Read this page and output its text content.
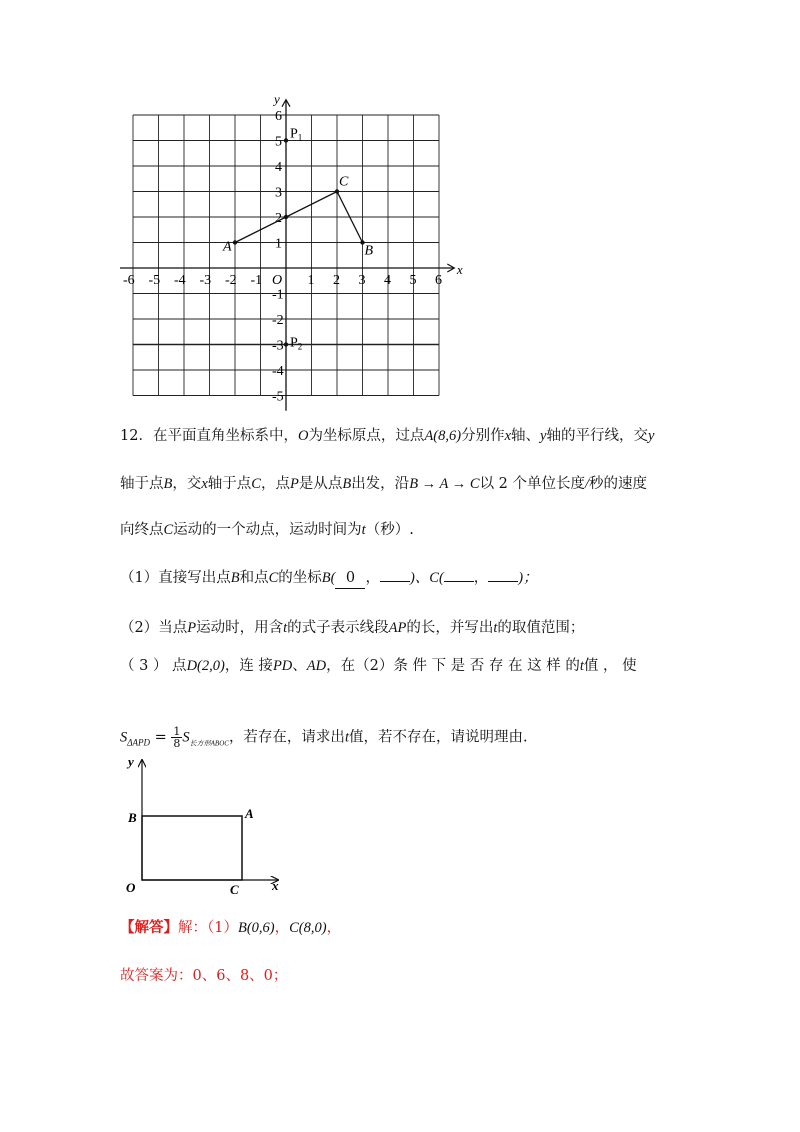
-6 -5 -4 -3 -2 -1	1 2 3 4 5 6
1
2
3
4
5
6
-1
-2
-3
-4
-5
x
y
O
A	B
C
$P_1$
$P_2$
12．在平面直角坐标系中，O为坐标原点，过点A(8,6)分别作x轴、y轴的平行线，交y
轴于点B，交x轴于点C，点P是从点B出发，沿B → A → C以 2 个单位长度/秒的速度
向终点C运动的一个动点，运动时间为t（秒）.
（1）直接写出点B和点C的坐标B( 0 ， )、C( ， )；
（2）当点P运动时，用含t的式子表示线段AP的长，并写出t的取值范围；
（ 3 ） 点D(2,0)，连 接PD、AD，在（2）条 件 下 是 否 存 在 这 样 的t值 ， 使
$S_{\Delta APD} = \frac{1}{8} S_{长方形ABOC}$，若存在，请求出t值，若不存在，请说明理由.
y
x
O
B	A
C
【解答】解：（1）B(0,6)，C(8,0)，
故答案为：0、6、8、0；
